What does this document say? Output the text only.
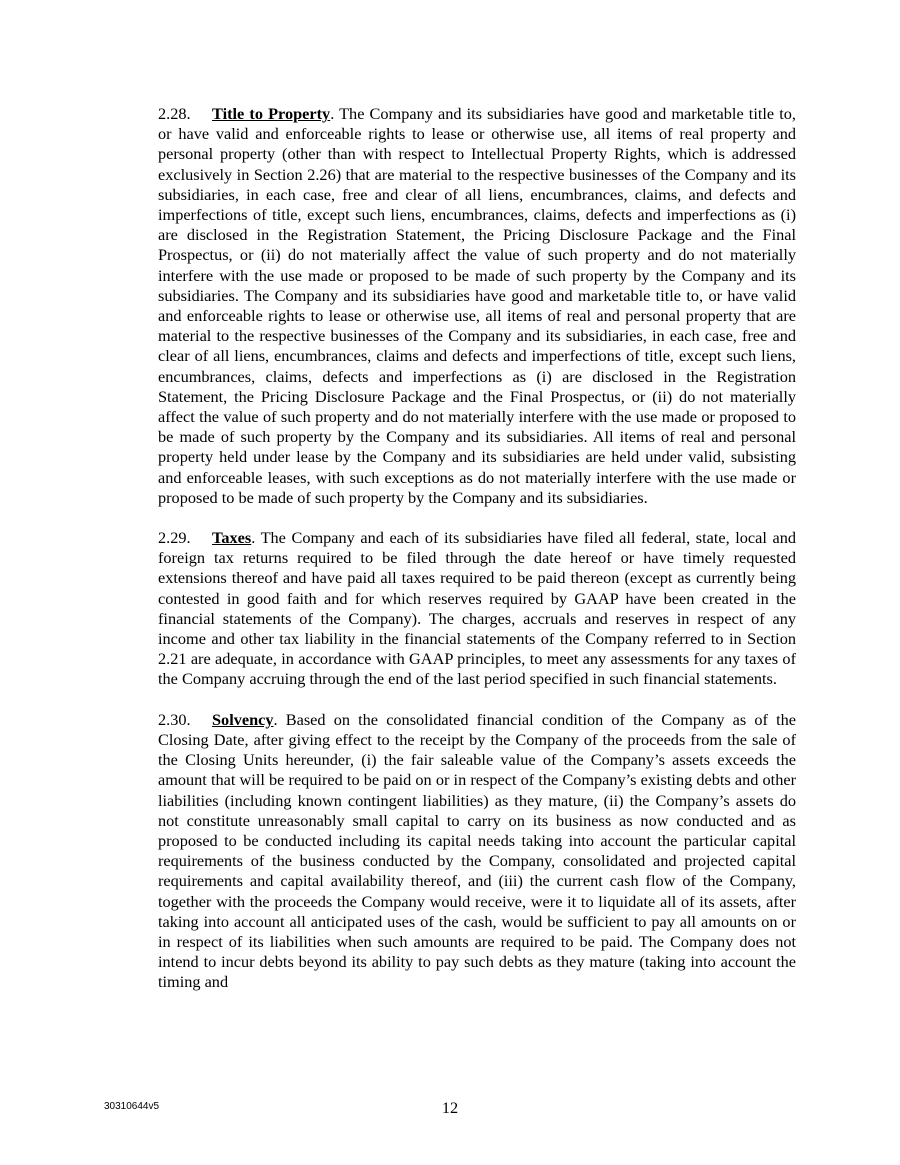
2.28. Title to Property. The Company and its subsidiaries have good and marketable title to, or have valid and enforceable rights to lease or otherwise use, all items of real property and personal property (other than with respect to Intellectual Property Rights, which is addressed exclusively in Section 2.26) that are material to the respective businesses of the Company and its subsidiaries, in each case, free and clear of all liens, encumbrances, claims, and defects and imperfections of title, except such liens, encumbrances, claims, defects and imperfections as (i) are disclosed in the Registration Statement, the Pricing Disclosure Package and the Final Prospectus, or (ii) do not materially affect the value of such property and do not materially interfere with the use made or proposed to be made of such property by the Company and its subsidiaries. The Company and its subsidiaries have good and marketable title to, or have valid and enforceable rights to lease or otherwise use, all items of real and personal property that are material to the respective businesses of the Company and its subsidiaries, in each case, free and clear of all liens, encumbrances, claims and defects and imperfections of title, except such liens, encumbrances, claims, defects and imperfections as (i) are disclosed in the Registration Statement, the Pricing Disclosure Package and the Final Prospectus, or (ii) do not materially affect the value of such property and do not materially interfere with the use made or proposed to be made of such property by the Company and its subsidiaries. All items of real and personal property held under lease by the Company and its subsidiaries are held under valid, subsisting and enforceable leases, with such exceptions as do not materially interfere with the use made or proposed to be made of such property by the Company and its subsidiaries.

2.29. Taxes. The Company and each of its subsidiaries have filed all federal, state, local and foreign tax returns required to be filed through the date hereof or have timely requested extensions thereof and have paid all taxes required to be paid thereon (except as currently being contested in good faith and for which reserves required by GAAP have been created in the financial statements of the Company). The charges, accruals and reserves in respect of any income and other tax liability in the financial statements of the Company referred to in Section 2.21 are adequate, in accordance with GAAP principles, to meet any assessments for any taxes of the Company accruing through the end of the last period specified in such financial statements.

2.30. Solvency. Based on the consolidated financial condition of the Company as of the Closing Date, after giving effect to the receipt by the Company of the proceeds from the sale of the Closing Units hereunder, (i) the fair saleable value of the Company’s assets exceeds the amount that will be required to be paid on or in respect of the Company’s existing debts and other liabilities (including known contingent liabilities) as they mature, (ii) the Company’s assets do not constitute unreasonably small capital to carry on its business as now conducted and as proposed to be conducted including its capital needs taking into account the particular capital requirements of the business conducted by the Company, consolidated and projected capital requirements and capital availability thereof, and (iii) the current cash flow of the Company, together with the proceeds the Company would receive, were it to liquidate all of its assets, after taking into account all anticipated uses of the cash, would be sufficient to pay all amounts on or in respect of its liabilities when such amounts are required to be paid. The Company does not intend to incur debts beyond its ability to pay such debts as they mature (taking into account the timing and

30310644v5	12
